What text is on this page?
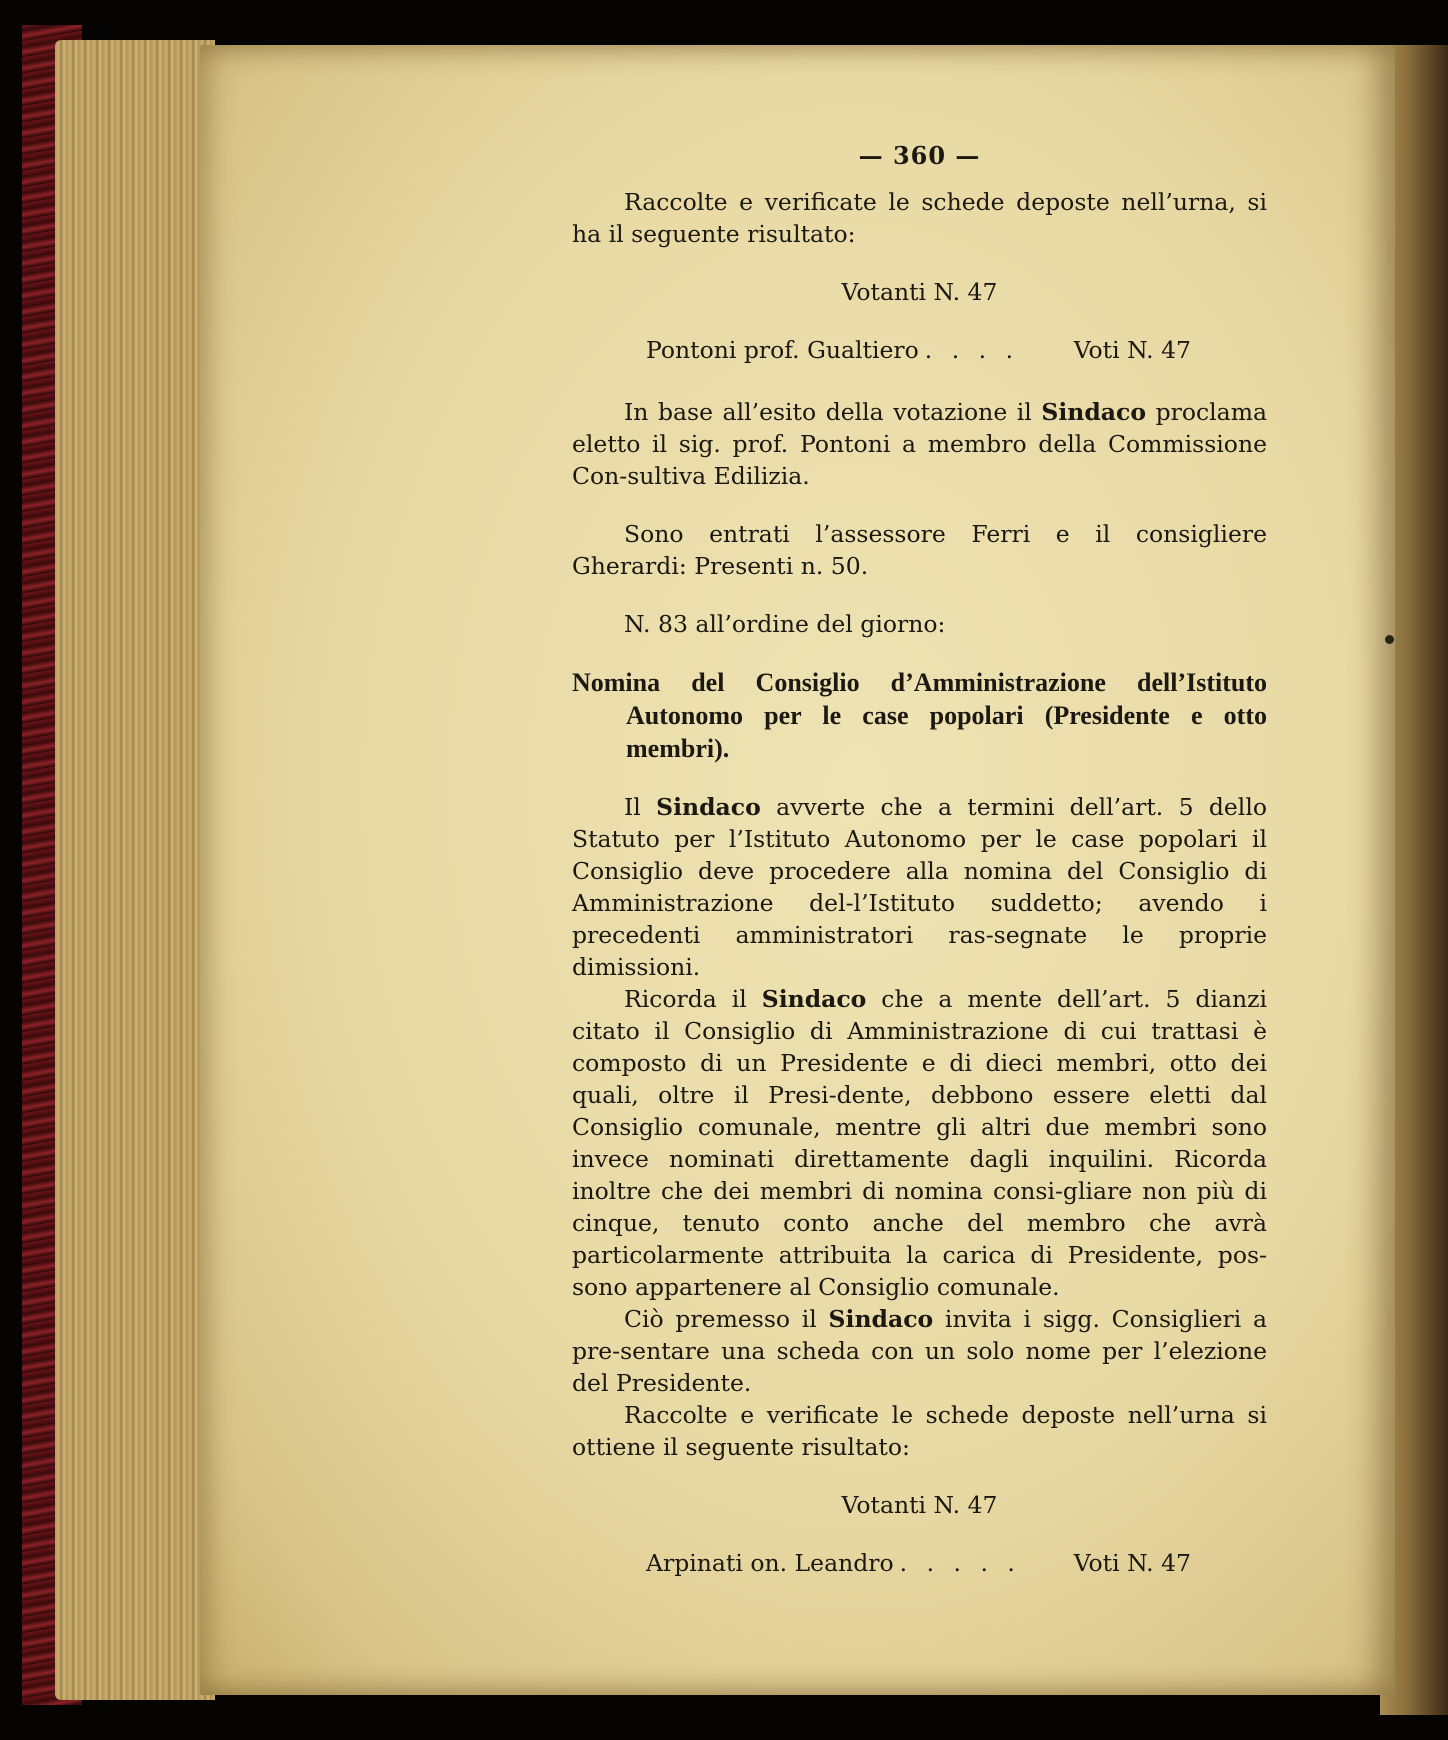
— 360 —

Raccolte e verificate le schede deposte nell’urna, si ha il seguente risultato:

Votanti N. 47

Pontoni prof. Gualtiero . . . .	Voti N. 47

In base all’esito della votazione il Sindaco proclama eletto il sig. prof. Pontoni a membro della Commissione Con-sultiva Edilizia.

Sono entrati l’assessore Ferri e il consigliere Gherardi: Presenti n. 50.

N. 83 all’ordine del giorno:

Nomina del Consiglio d’Amministrazione dell’Istituto Autonomo per le case popolari (Presidente e otto membri).

Il Sindaco avverte che a termini dell’art. 5 dello Statuto per l’Istituto Autonomo per le case popolari il Consiglio deve procedere alla nomina del Consiglio di Amministrazione del-l’Istituto suddetto; avendo i precedenti amministratori ras-segnate le proprie dimissioni.

Ricorda il Sindaco che a mente dell’art. 5 dianzi citato il Consiglio di Amministrazione di cui trattasi è composto di un Presidente e di dieci membri, otto dei quali, oltre il Presi-dente, debbono essere eletti dal Consiglio comunale, mentre gli altri due membri sono invece nominati direttamente dagli inquilini. Ricorda inoltre che dei membri di nomina consi-gliare non più di cinque, tenuto conto anche del membro che avrà particolarmente attribuita la carica di Presidente, pos-sono appartenere al Consiglio comunale.

Ciò premesso il Sindaco invita i sigg. Consiglieri a pre-sentare una scheda con un solo nome per l’elezione del Presidente.

Raccolte e verificate le schede deposte nell’urna si ottiene il seguente risultato:

Votanti N. 47

Arpinati on. Leandro . . . . .	Voti N. 47
